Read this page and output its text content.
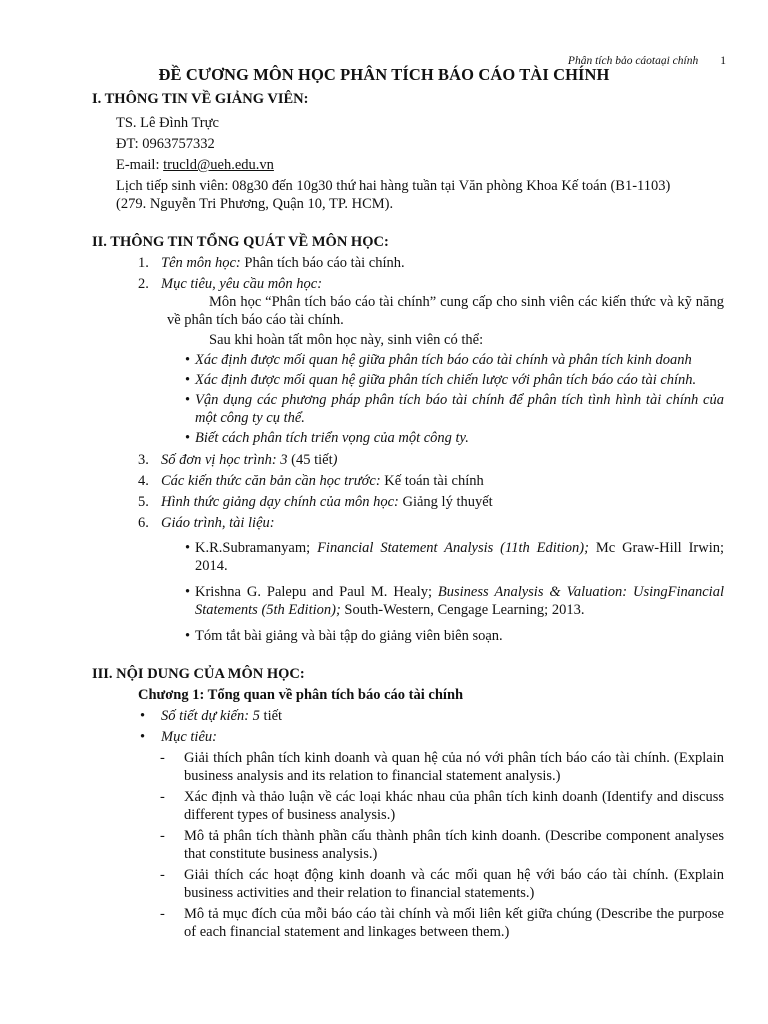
Phân tích bảo cáotaại chính 1
ĐỀ CƯƠNG MÔN HỌC PHÂN TÍCH BÁO CÁO TÀI CHÍNH
I. THÔNG TIN VỀ GIẢNG VIÊN:

TS. Lê Đình Trực

ĐT: 0963757332

E-mail: trucld@ueh.edu.vn

Lịch tiếp sinh viên: 08g30 đến 10g30 thứ hai hàng tuần tại Văn phòng Khoa Kế toán (B1-1103)

(279. Nguyễn Tri Phương, Quận 10, TP. HCM).

II. THÔNG TIN TỔNG QUÁT VỀ MÔN HỌC:
1. Tên môn học: Phân tích báo cáo tài chính.
2. Mục tiêu, yêu cầu môn học:

Môn học “Phân tích báo cáo tài chính” cung cấp cho sinh viên các kiến thức và kỹ năng về phân tích báo cáo tài chính.

Sau khi hoàn tất môn học này, sinh viên có thể:

• Xác định được mối quan hệ giữa phân tích báo cáo tài chính và phân tích kinh doanh
• Xác định được mối quan hệ giữa phân tích chiến lược với phân tích báo cáo tài chính.
• Vận dụng các phương pháp phân tích báo tài chính để phân tích tình hình tài chính của một công ty cụ thể.
• Biết cách phân tích triển vọng của một công ty.
3. Số đơn vị học trình: 3 (45 tiết)
4. Các kiến thức căn bản cần học trước: Kế toán tài chính
5. Hình thức giảng dạy chính của môn học: Giảng lý thuyết
6. Giáo trình, tài liệu:
• K.R.Subramanyam; Financial Statement Analysis (11th Edition); Mc Graw-Hill Irwin; 2014.
• Krishna G. Palepu and Paul M. Healy; Business Analysis & Valuation: UsingFinancial Statements (5th Edition); South-Western, Cengage Learning; 2013.
• Tóm tắt bài giảng và bài tập do giảng viên biên soạn.
III. NỘI DUNG CỦA MÔN HỌC:
Chương 1: Tổng quan về phân tích báo cáo tài chính
• Số tiết dự kiến: 5 tiết
• Mục tiêu:
- Giải thích phân tích kinh doanh và quan hệ của nó với phân tích báo cáo tài chính. (Explain business analysis and its relation to financial statement analysis.)
- Xác định và thảo luận về các loại khác nhau của phân tích kinh doanh (Identify and discuss different types of business analysis.)
- Mô tả phân tích thành phần cấu thành phân tích kinh doanh. (Describe component analyses that constitute business analysis.)
- Giải thích các hoạt động kinh doanh và các mối quan hệ với báo cáo tài chính. (Explain business activities and their relation to financial statements.)
- Mô tả mục đích của mỗi báo cáo tài chính và mối liên kết giữa chúng (Describe the purpose of each financial statement and linkages between them.)
